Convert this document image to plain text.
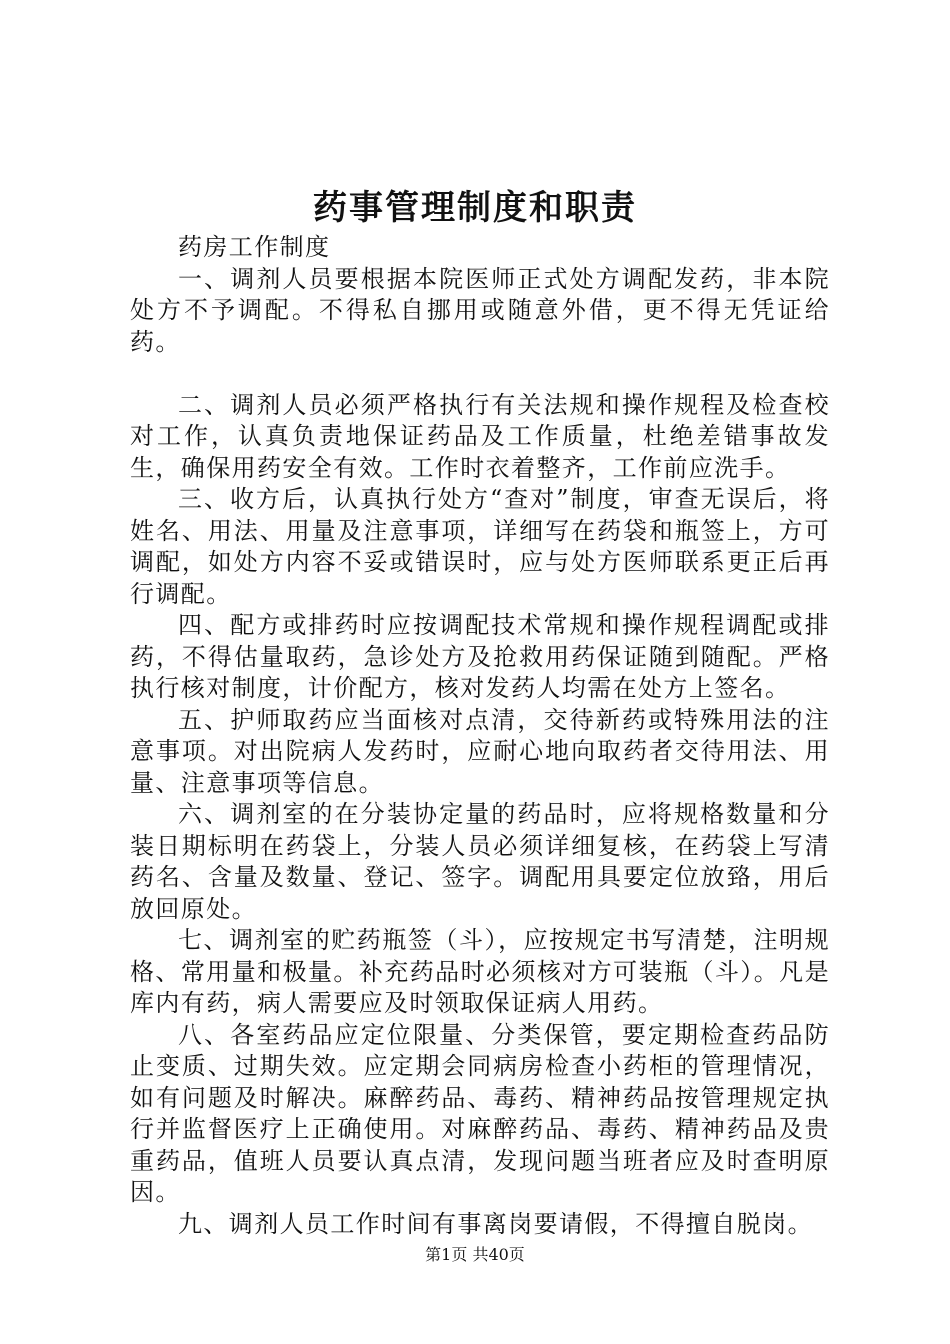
药事管理制度和职责

药房工作制度

一、调剂人员要根据本院医师正式处方调配发药，非本院处方不予调配。不得私自挪用或随意外借，更不得无凭证给药。

二、调剂人员必须严格执行有关法规和操作规程及检查校对工作，认真负责地保证药品及工作质量，杜绝差错事故发生，确保用药安全有效。工作时衣着整齐，工作前应洗手。

三、收方后，认真执行处方“查对”制度，审查无误后，将姓名、用法、用量及注意事项，详细写在药袋和瓶签上，方可调配，如处方内容不妥或错误时，应与处方医师联系更正后再行调配。

四、配方或排药时应按调配技术常规和操作规程调配或排药，不得估量取药，急诊处方及抢救用药保证随到随配。严格执行核对制度，计价配方，核对发药人均需在处方上签名。

五、护师取药应当面核对点清，交待新药或特殊用法的注意事项。对出院病人发药时，应耐心地向取药者交待用法、用量、注意事项等信息。

六、调剂室的在分装协定量的药品时，应将规格数量和分装日期标明在药袋上，分装人员必须详细复核，在药袋上写清药名、含量及数量、登记、签字。调配用具要定位放臵，用后放回原处。

七、调剂室的贮药瓶签（斗），应按规定书写清楚，注明规格、常用量和极量。补充药品时必须核对方可装瓶（斗）。凡是库内有药，病人需要应及时领取保证病人用药。

八、各室药品应定位限量、分类保管，要定期检查药品防止变质、过期失效。应定期会同病房检查小药柜的管理情况，如有问题及时解决。麻醉药品、毒药、精神药品按管理规定执行并监督医疗上正确使用。对麻醉药品、毒药、精神药品及贵重药品，值班人员要认真点清，发现问题当班者应及时查明原因。

九、调剂人员工作时间有事离岗要请假，不得擅自脱岗。

第1页 共40页
